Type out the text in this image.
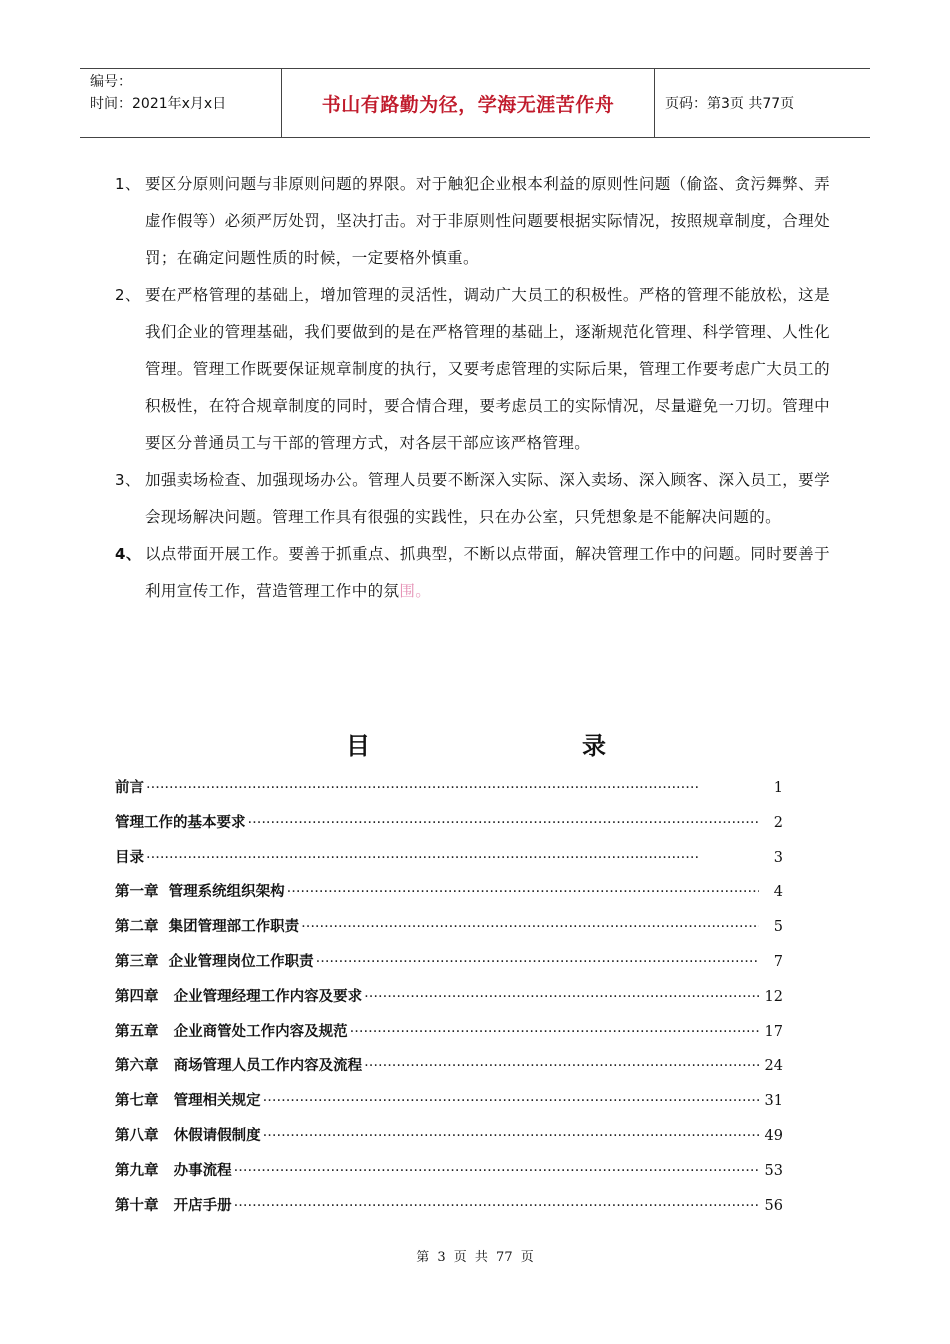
编号：
时间：2021年x月x日	书山有路勤为径，学海无涯苦作舟	页码：第3页 共77页
1、 要区分原则问题与非原则问题的界限。对于触犯企业根本利益的原则性问题（偷盗、贪污舞弊、弄虚作假等）必须严厉处罚，坚决打击。对于非原则性问题要根据实际情况，按照规章制度，合理处罚；在确定问题性质的时候，一定要格外慎重。
2、 要在严格管理的基础上，增加管理的灵活性，调动广大员工的积极性。严格的管理不能放松，这是我们企业的管理基础，我们要做到的是在严格管理的基础上，逐渐规范化管理、科学管理、人性化管理。管理工作既要保证规章制度的执行，又要考虑管理的实际后果，管理工作要考虑广大员工的积极性，在符合规章制度的同时，要合情合理，要考虑员工的实际情况，尽量避免一刀切。管理中要区分普通员工与干部的管理方式，对各层干部应该严格管理。
3、 加强卖场检查、加强现场办公。管理人员要不断深入实际、深入卖场、深入顾客、深入员工，要学会现场解决问题。管理工作具有很强的实践性，只在办公室，只凭想象是不能解决问题的。
4、 以点带面开展工作。要善于抓重点、抓典型，不断以点带面，解决管理工作中的问题。同时要善于利用宣传工作，营造管理工作中的氛围。
目	录
前言 ·····	1
管理工作的基本要求 ·····	2
目录 ·····	3
第一章 管理系统组织架构 ·····	4
第二章 集团管理部工作职责 ·····	5
第三章 企业管理岗位工作职责 ·····	7
第四章 企业管理经理工作内容及要求 ·····	12
第五章 企业商管处工作内容及规范 ·····	17
第六章 商场管理人员工作内容及流程 ·····	24
第七章 管理相关规定 ·····	31
第八章 休假请假制度 ·····	49
第九章 办事流程 ·····	53
第十章 开店手册 ·····	56
第 3 页 共 77 页
